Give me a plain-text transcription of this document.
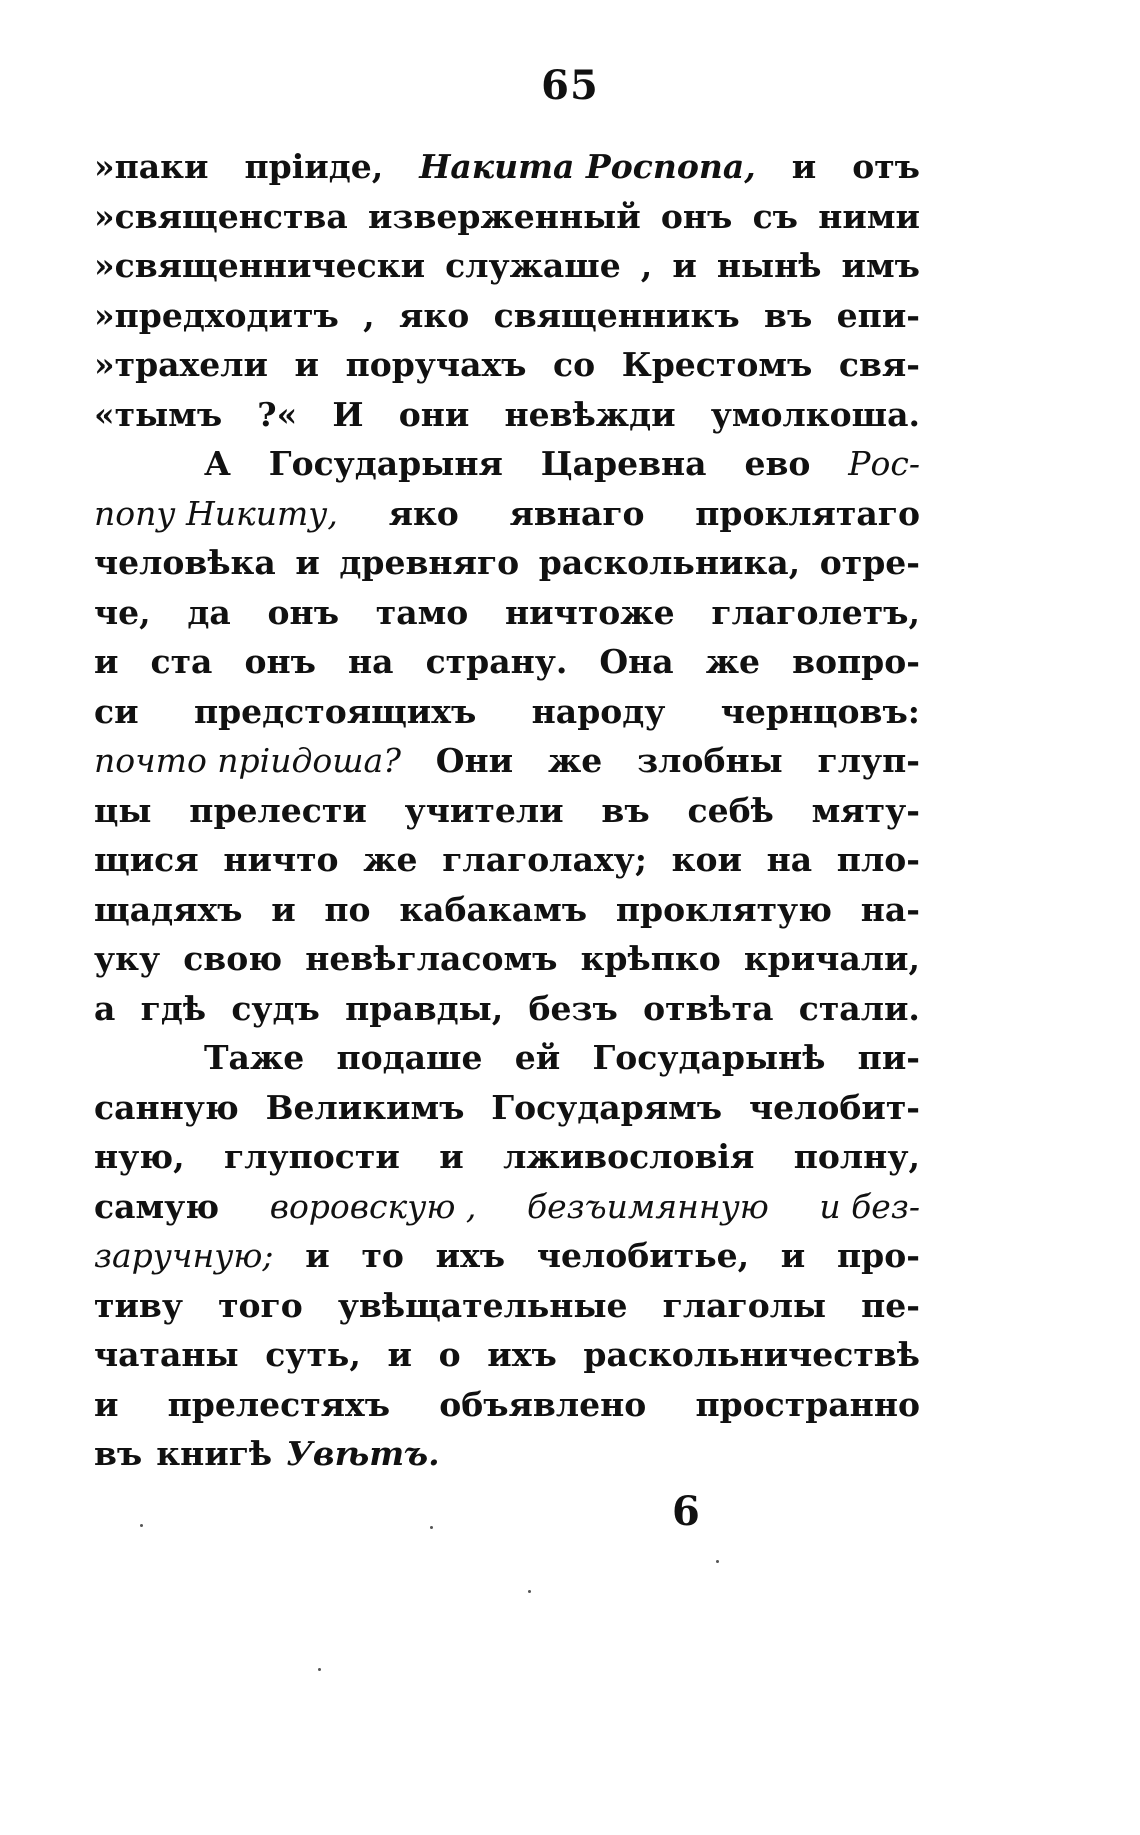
65
»паки пріиде, Накита Роспопа, и отъ
»священства изверженный онъ съ ними
»священнически служаше , и нынѣ имъ
»предходитъ , яко священникъ въ епи-
»трахели и поручахъ со Крестомъ свя-
«тымъ ?« И они невѣжди умолкоша.
А Государыня Царевна ево Рос-
попу Никиту, яко явнаго проклятаго
человѣка и древняго раскольника, отре-
че, да онъ тамо ничтоже глаголетъ,
и ста онъ на страну. Она же вопро-
си предстоящихъ народу чернцовъ:
почто пріидоша? Они же злобны глуп-
цы прелести учители въ себѣ мяту-
щися ничто же глаголаху; кои на пло-
щадяхъ и по кабакамъ проклятую на-
уку свою невѣгласомъ крѣпко кричали,
а гдѣ судъ правды, безъ отвѣта стали.
Таже подаше ей Государынѣ пи-
санную Великимъ Государямъ челобит-
ную, глупости и лживословія полну,
самую воровскую , безъимянную и без-
заручную; и то ихъ челобитье, и про-
тиву того увѣщательные глаголы пе-
чатаны суть, и о ихъ раскольничествѣ
и прелестяхъ объявлено пространно
въ книгѣ Увѣтъ.
6
